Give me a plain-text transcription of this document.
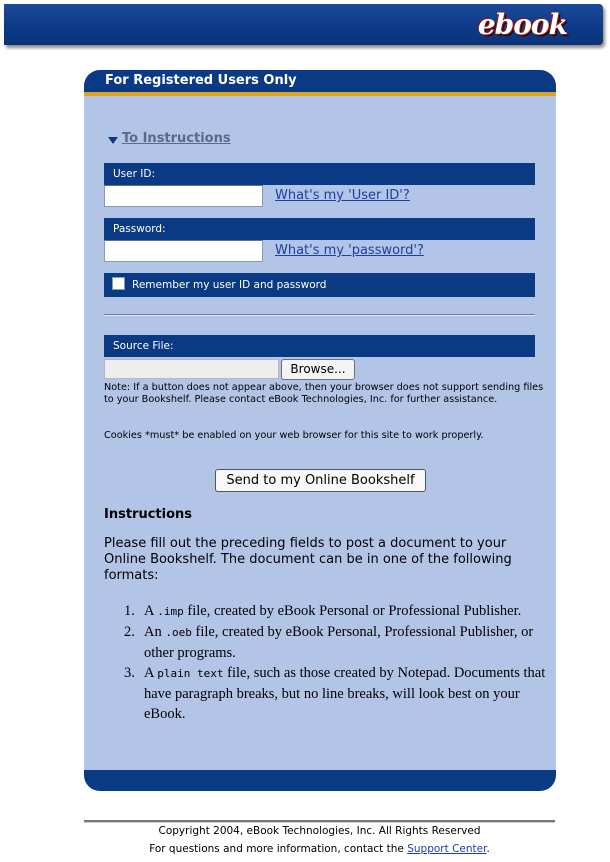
ebook
For Registered Users Only
To Instructions
User ID:
What's my 'User ID'?
Password:
What's my 'password'?
Remember my user ID and password
Source File:
Browse...
Note: If a button does not appear above, then your browser does not support sending files to your Bookshelf. Please contact eBook Technologies, Inc. for further assistance.
Cookies *must* be enabled on your web browser for this site to work properly.
Send to my Online Bookshelf
Instructions
Please fill out the preceding fields to post a document to your Online Bookshelf. The document can be in one of the following formats:
1. A .imp file, created by eBook Personal or Professional Publisher.
2. An .oeb file, created by eBook Personal, Professional Publisher, or other programs.
3. A plain text file, such as those created by Notepad. Documents that have paragraph breaks, but no line breaks, will look best on your eBook.
Copyright 2004, eBook Technologies, Inc. All Rights Reserved
For questions and more information, contact the Support Center.
